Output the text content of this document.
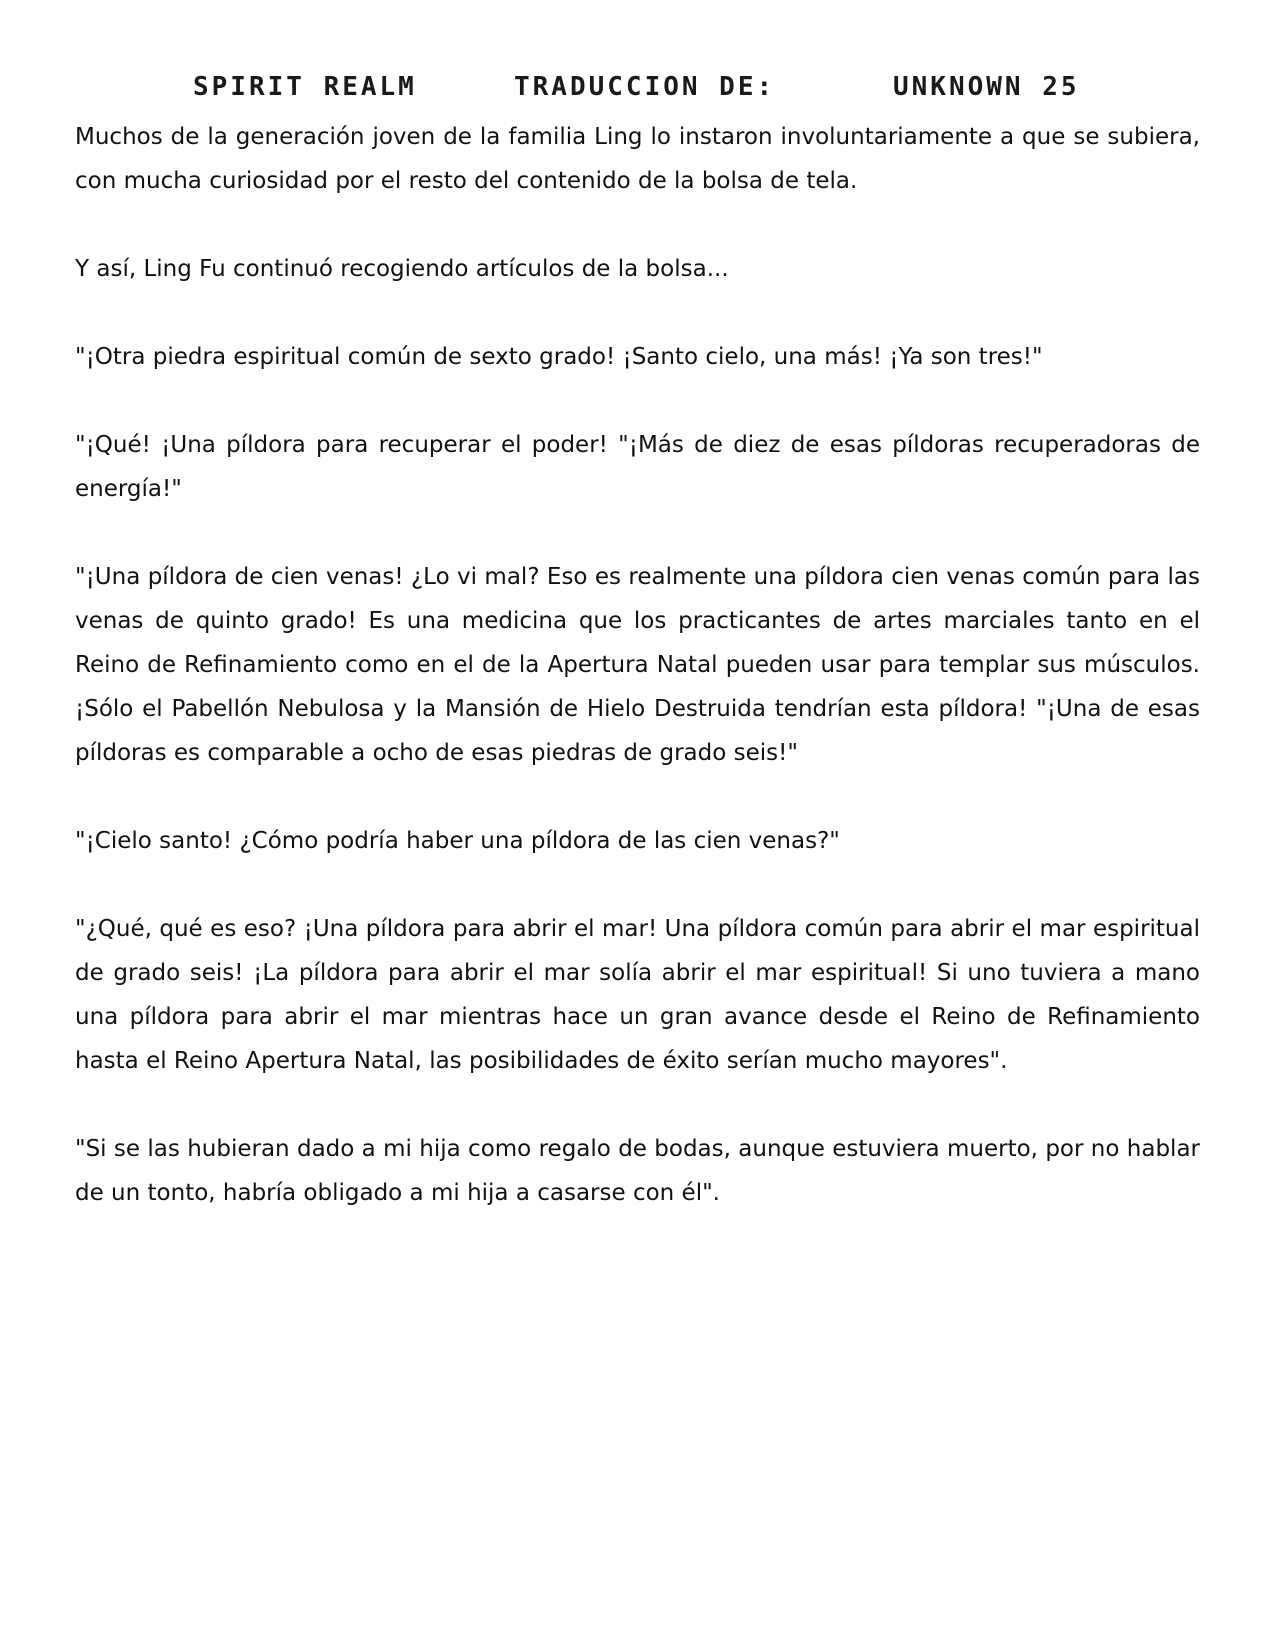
SPIRIT REALM	TRADUCCION DE:	UNKNOWN 25

Muchos de la generación joven de la familia Ling lo instaron involuntariamente a que se subiera, con mucha curiosidad por el resto del contenido de la bolsa de tela.

Y así, Ling Fu continuó recogiendo artículos de la bolsa...

"¡Otra piedra espiritual común de sexto grado! ¡Santo cielo, una más! ¡Ya son tres!"

"¡Qué! ¡Una píldora para recuperar el poder! "¡Más de diez de esas píldoras recuperadoras de energía!"

"¡Una píldora de cien venas! ¿Lo vi mal? Eso es realmente una píldora cien venas común para las venas de quinto grado! Es una medicina que los practicantes de artes marciales tanto en el Reino de Refinamiento como en el de la Apertura Natal pueden usar para templar sus músculos. ¡Sólo el Pabellón Nebulosa y la Mansión de Hielo Destruida tendrían esta píldora! "¡Una de esas píldoras es comparable a ocho de esas piedras de grado seis!"

"¡Cielo santo! ¿Cómo podría haber una píldora de las cien venas?"

"¿Qué, qué es eso? ¡Una píldora para abrir el mar! Una píldora común para abrir el mar espiritual de grado seis! ¡La píldora para abrir el mar solía abrir el mar espiritual! Si uno tuviera a mano una píldora para abrir el mar mientras hace un gran avance desde el Reino de Refinamiento hasta el Reino Apertura Natal, las posibilidades de éxito serían mucho mayores".

"Si se las hubieran dado a mi hija como regalo de bodas, aunque estuviera muerto, por no hablar de un tonto, habría obligado a mi hija a casarse con él".
